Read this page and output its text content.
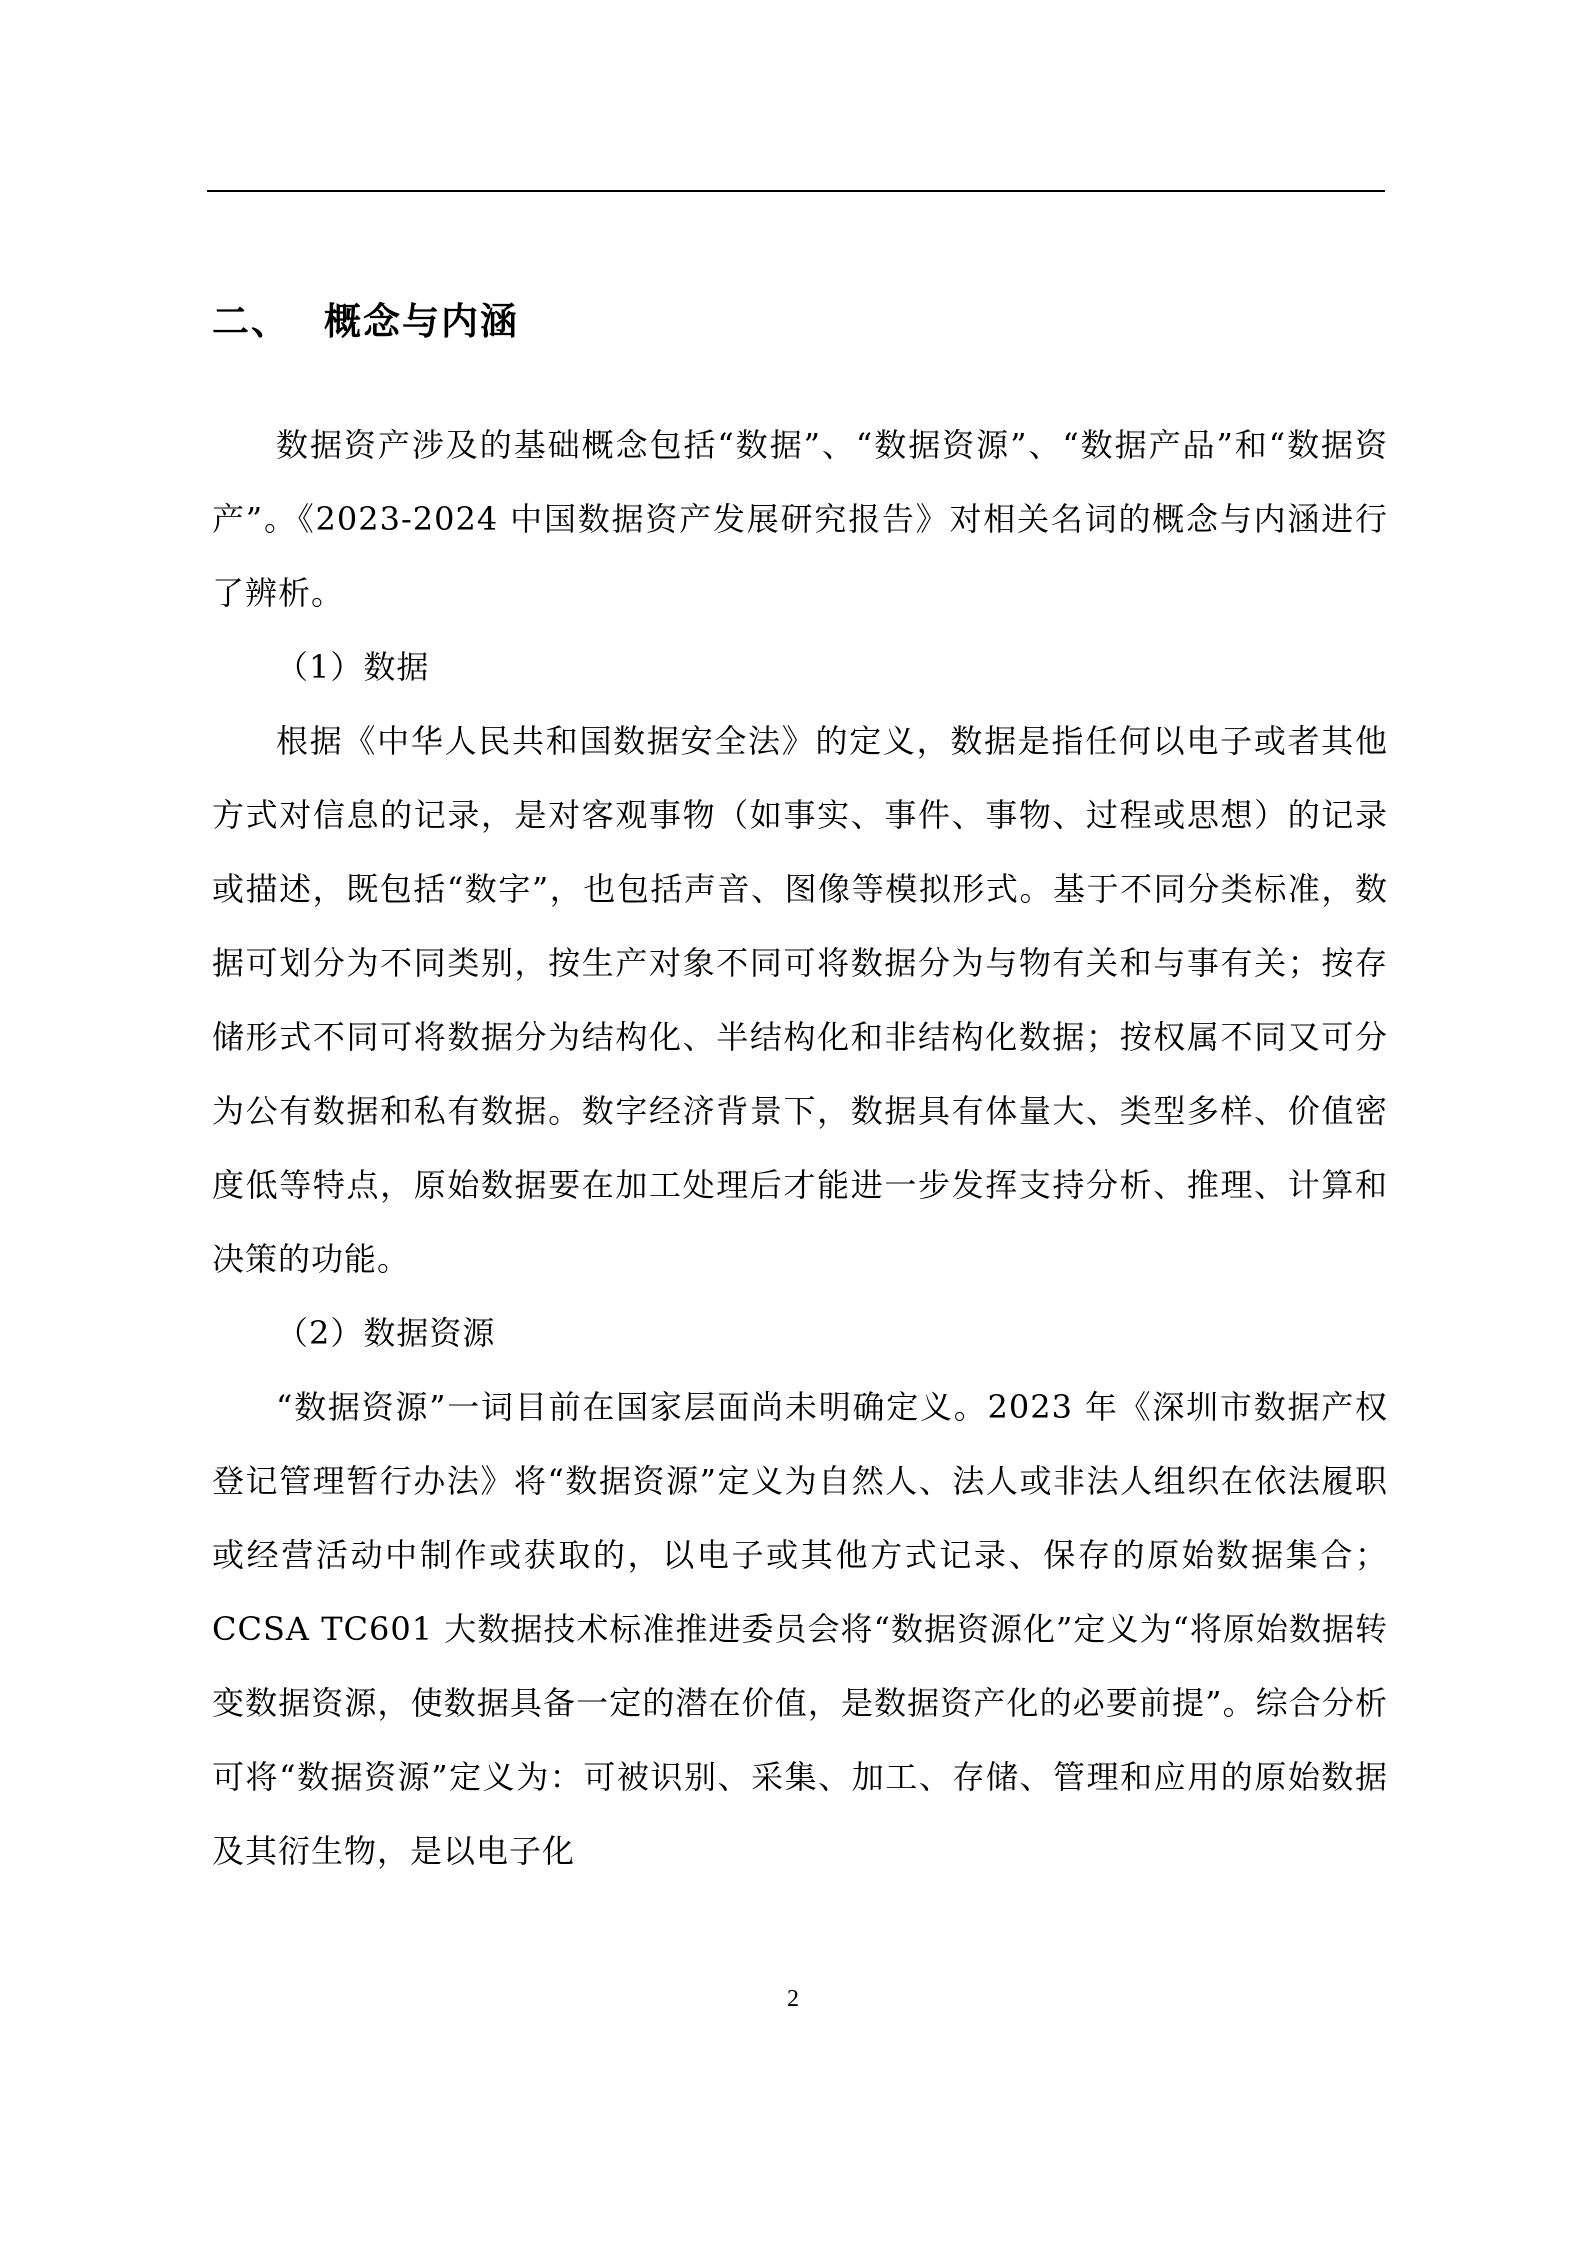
二、 概念与内涵

数据资产涉及的基础概念包括“数据”、“数据资源”、“数据产品”和“数据资产”。《2023-2024 中国数据资产发展研究报告》对相关名词的概念与内涵进行了辨析。

（1）数据

根据《中华人民共和国数据安全法》的定义，数据是指任何以电子或者其他方式对信息的记录，是对客观事物（如事实、事件、事物、过程或思想）的记录或描述，既包括“数字”，也包括声音、图像等模拟形式。基于不同分类标准，数据可划分为不同类别，按生产对象不同可将数据分为与物有关和与事有关；按存储形式不同可将数据分为结构化、半结构化和非结构化数据；按权属不同又可分为公有数据和私有数据。数字经济背景下，数据具有体量大、类型多样、价值密度低等特点，原始数据要在加工处理后才能进一步发挥支持分析、推理、计算和决策的功能。

（2）数据资源

“数据资源”一词目前在国家层面尚未明确定义。2023 年《深圳市数据产权登记管理暂行办法》将“数据资源”定义为自然人、法人或非法人组织在依法履职或经营活动中制作或获取的，以电子或其他方式记录、保存的原始数据集合；CCSA TC601 大数据技术标准推进委员会将“数据资源化”定义为“将原始数据转变数据资源，使数据具备一定的潜在价值，是数据资产化的必要前提”。综合分析可将“数据资源”定义为：可被识别、采集、加工、存储、管理和应用的原始数据及其衍生物，是以电子化

2
